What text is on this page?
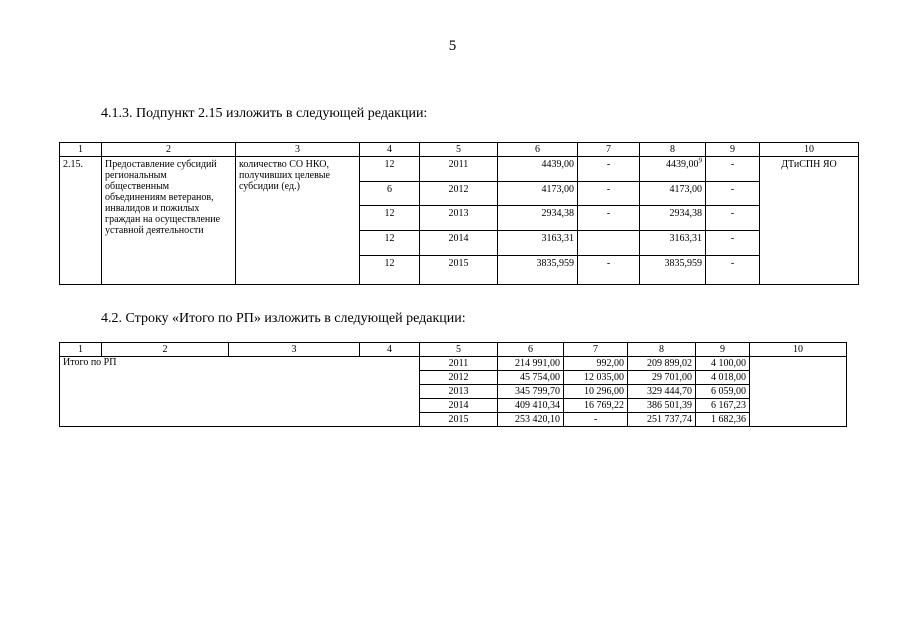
5
4.1.3. Подпункт 2.15 изложить в следующей редакции:
1	2	3	4	5	6	7	8	9	10
2.15.	Предоставление субсидий региональным общественным объединениям ветеранов, инвалидов и пожилых граждан на осуществление уставной деятельности	количество СО НКО, получивших целевые субсидии (ед.)	12	2011	4439,00	-	4439,00$^9$	-	ДТиСПН ЯО
			6	2012	4173,00	-	4173,00	-	
			12	2013	2934,38	-	2934,38	-	
			12	2014	3163,31		3163,31	-	
			12	2015	3835,959	-	3835,959	-	
4.2. Строку «Итого по РП» изложить в следующей редакции:
1	2	3	4	5	6	7	8	9	10
Итого по РП				2011	214 991,00	992,00	209 899,02	4 100,00	
				2012	45 754,00	12 035,00	29 701,00	4 018,00	
				2013	345 799,70	10 296,00	329 444,70	6 059,00	
				2014	409 410,34	16 769,22	386 501,39	6 167,23	
				2015	253 420,10	-	251 737,74	1 682,36	
